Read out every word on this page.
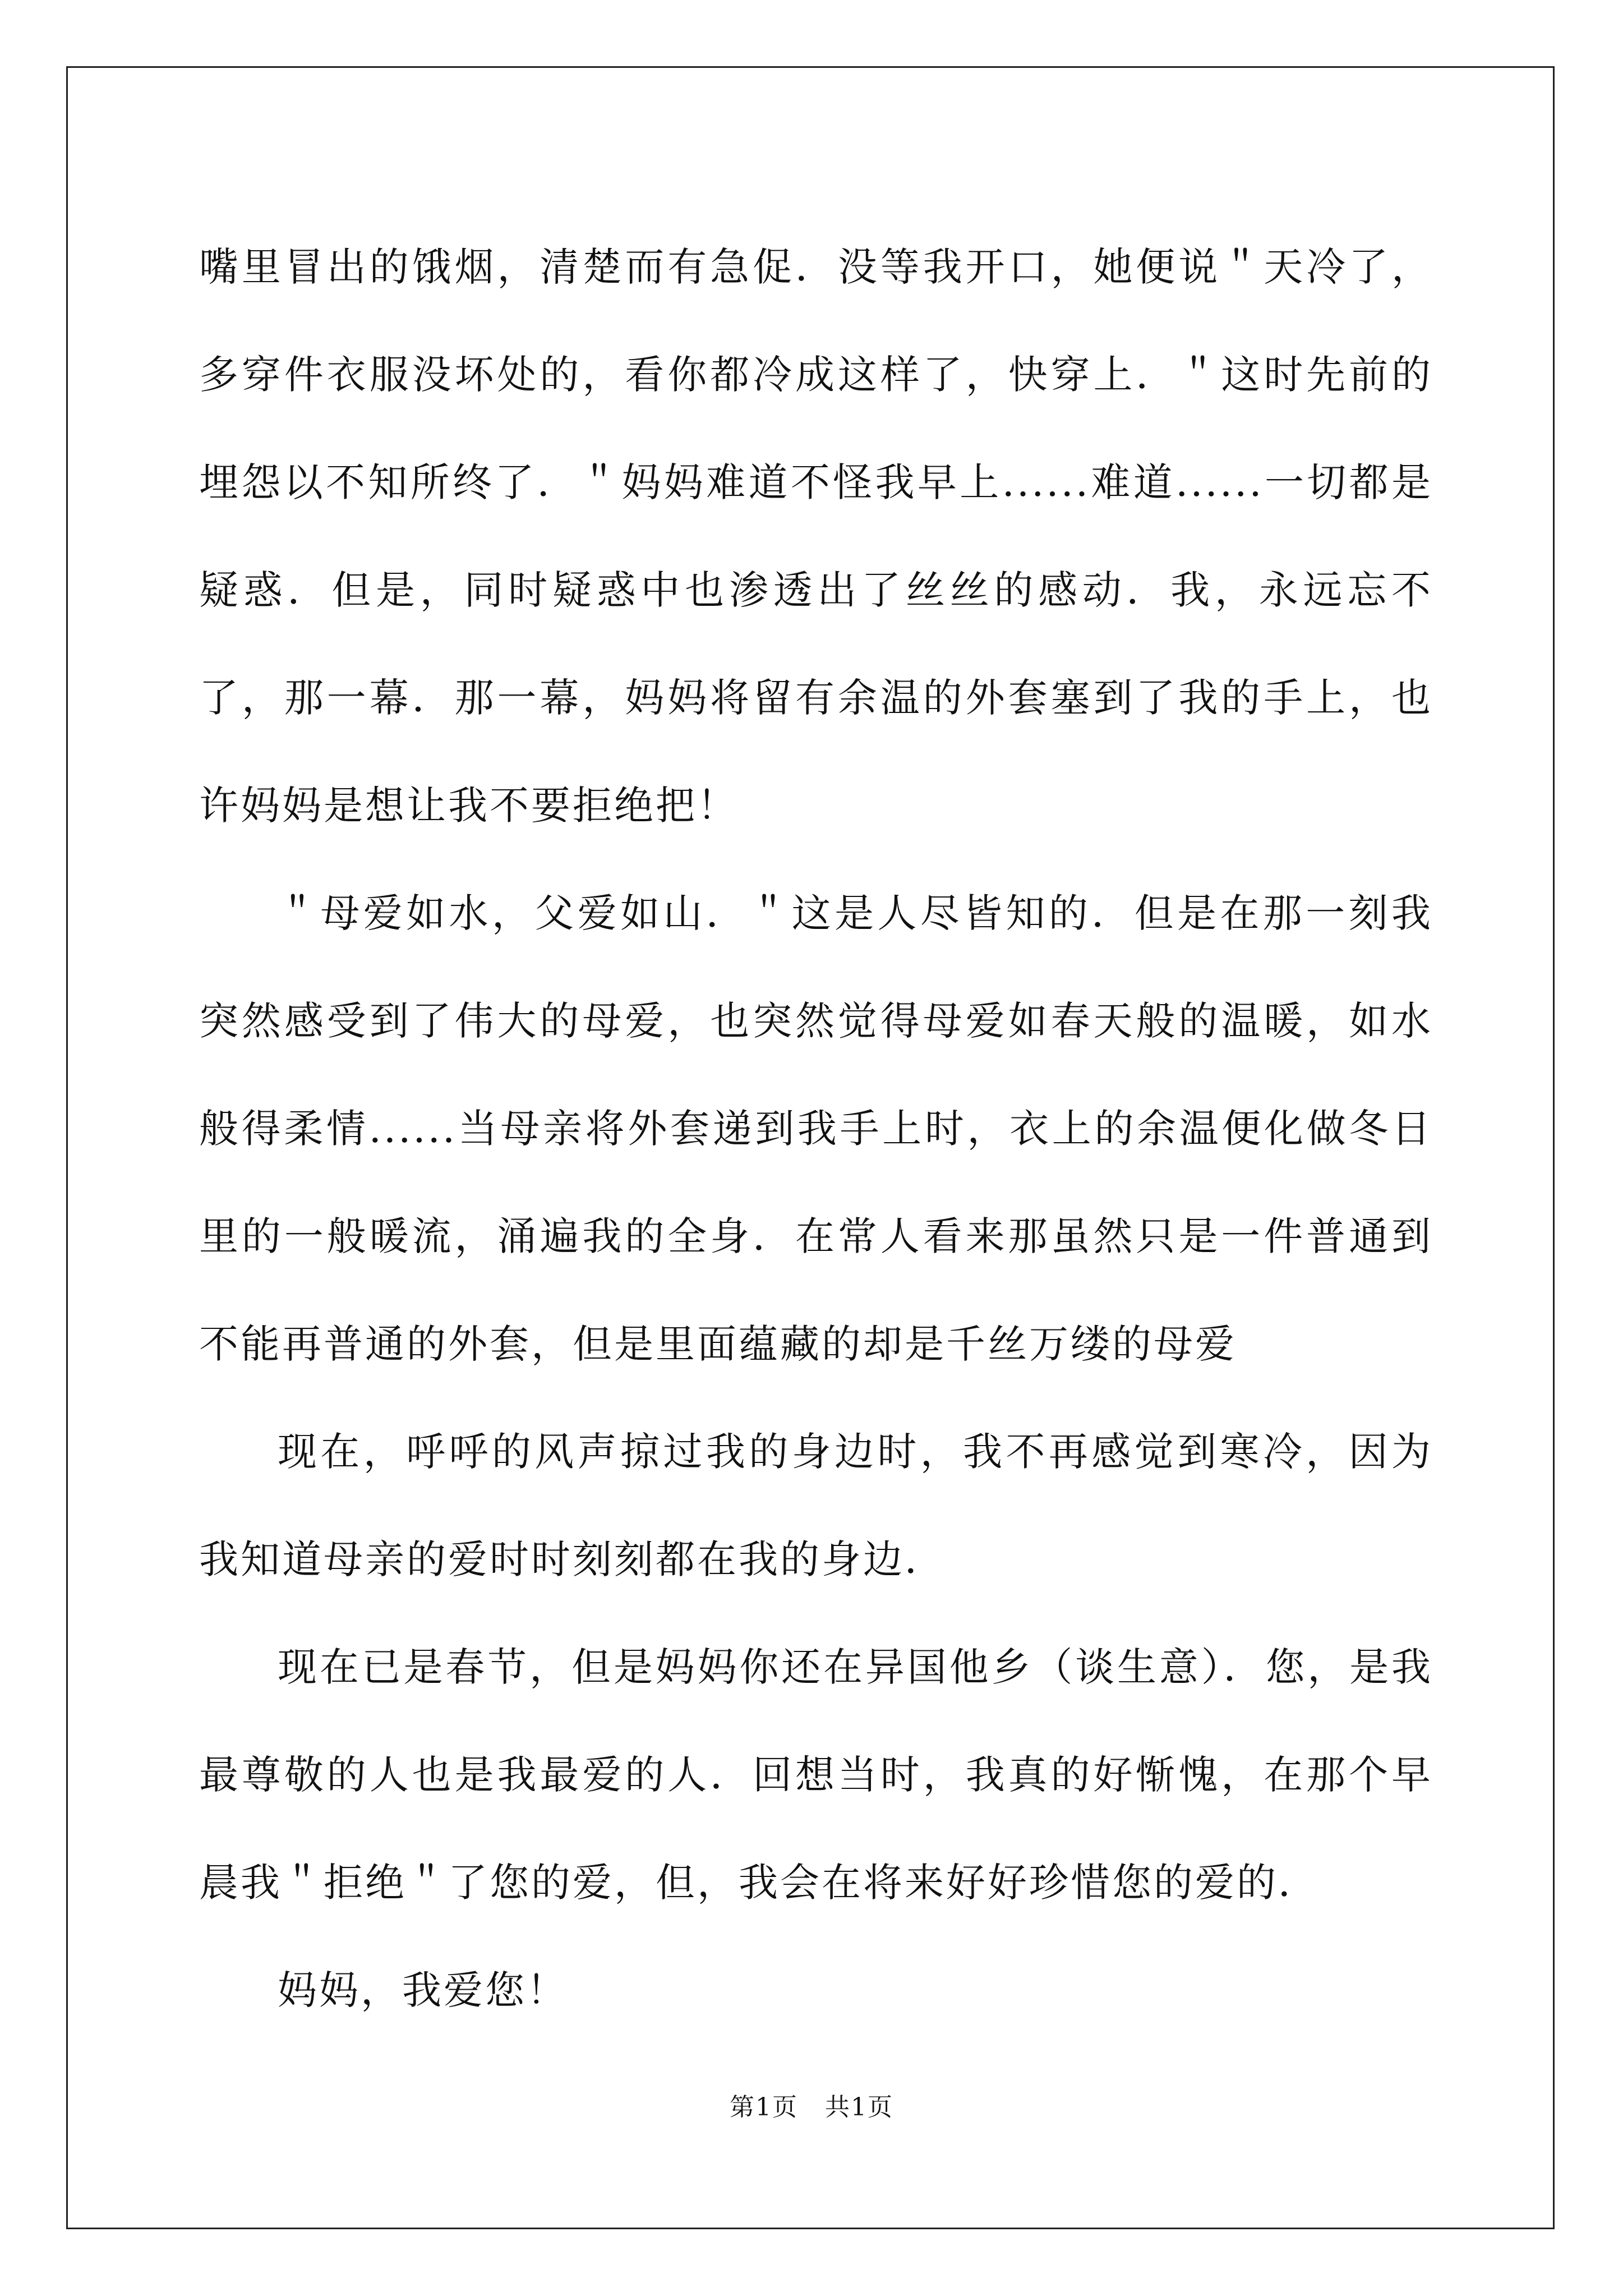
嘴里冒出的饿烟，清楚而有急促．没等我开口，她便说＂天冷了，多穿件衣服没坏处的，看你都冷成这样了，快穿上．＂这时先前的埋怨以不知所终了．＂妈妈难道不怪我早上......难道......一切都是疑惑．但是，同时疑惑中也渗透出了丝丝的感动．我，永远忘不了，那一幕．那一幕，妈妈将留有余温的外套塞到了我的手上，也许妈妈是想让我不要拒绝把！

＂母爱如水，父爱如山．＂这是人尽皆知的．但是在那一刻我突然感受到了伟大的母爱，也突然觉得母爱如春天般的温暖，如水般得柔情......当母亲将外套递到我手上时，衣上的余温便化做冬日里的一般暖流，涌遍我的全身．在常人看来那虽然只是一件普通到不能再普通的外套，但是里面蕴藏的却是千丝万缕的母爱

现在，呼呼的风声掠过我的身边时，我不再感觉到寒冷，因为我知道母亲的爱时时刻刻都在我的身边．

现在已是春节，但是妈妈你还在异国他乡（谈生意）．您，是我最尊敬的人也是我最爱的人．回想当时，我真的好惭愧，在那个早晨我＂拒绝＂了您的爱，但，我会在将来好好珍惜您的爱的．

妈妈，我爱您！

第1页 共1页
